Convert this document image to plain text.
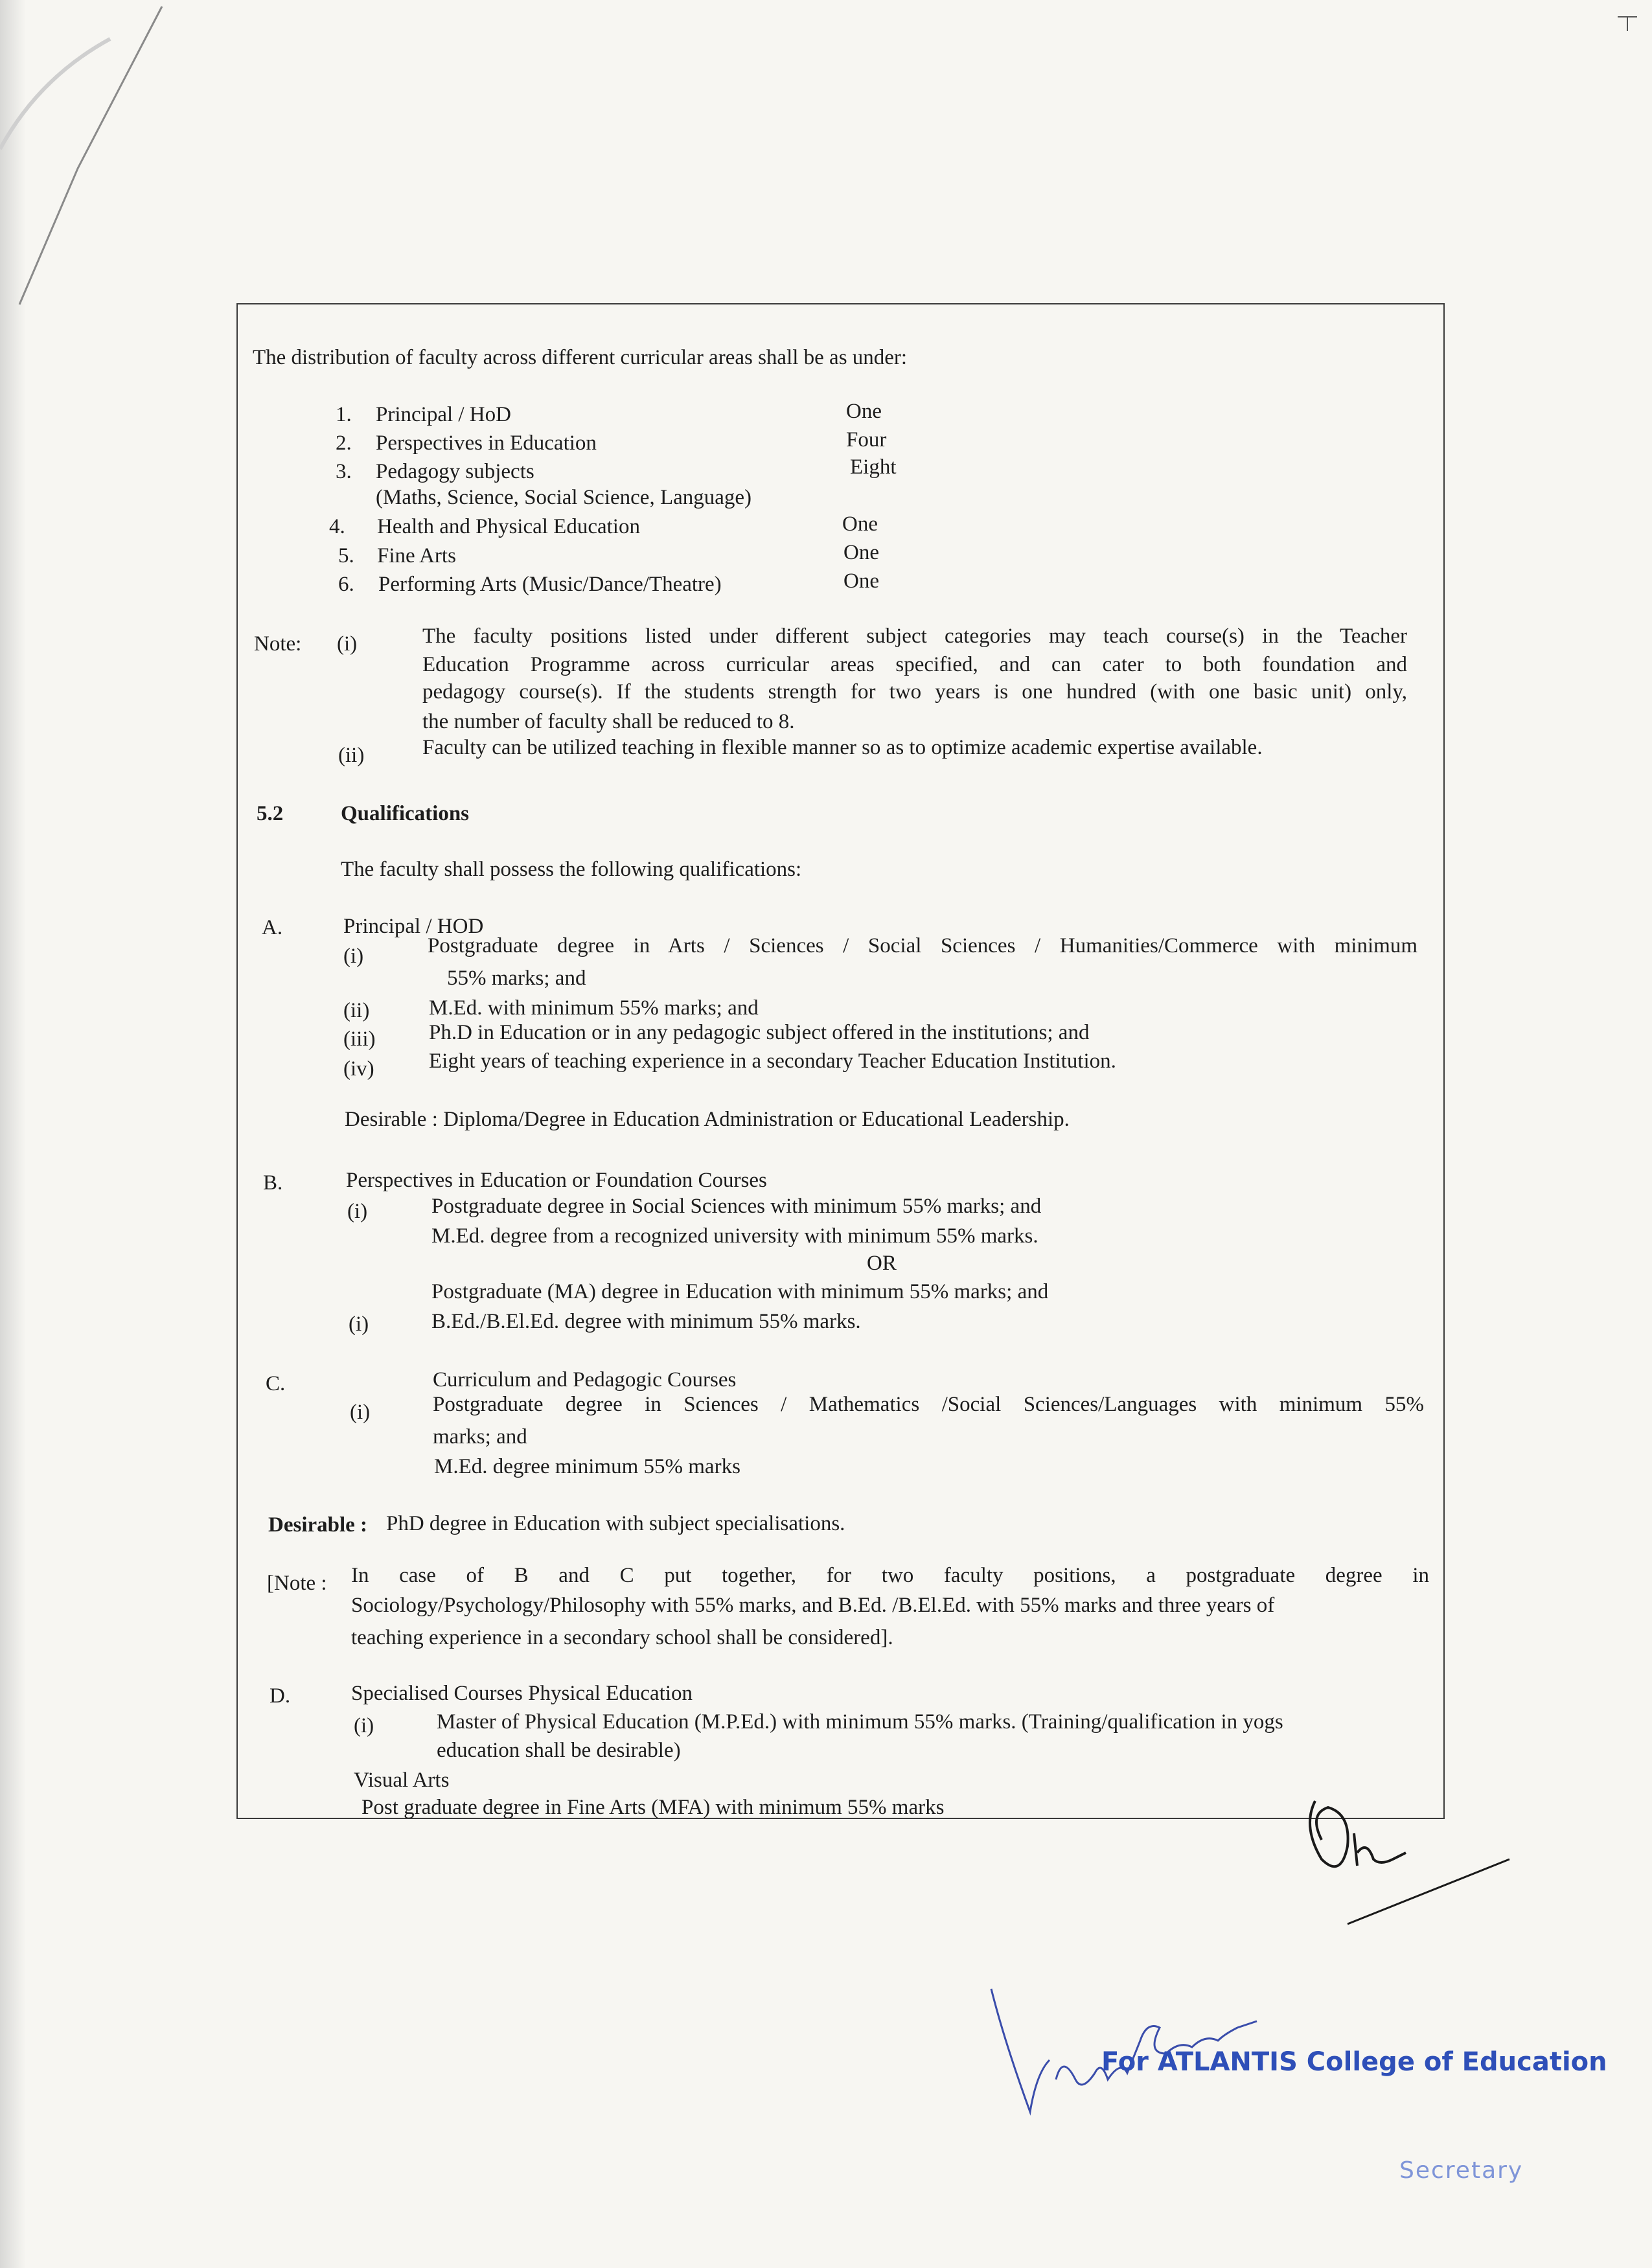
The distribution of faculty across different curricular areas shall be as under:
1. Principal / HoD	One
2. Perspectives in Education	Four
3. Pedagogy subjects	Eight
(Maths, Science, Social Science, Language)
4. Health and Physical Education	One
5. Fine Arts	One
6. Performing Arts (Music/Dance/Theatre)	One
Note: (i)	The faculty positions listed under different subject categories may teach course(s) in the Teacher
Education Programme across curricular areas specified, and can cater to both foundation and
pedagogy course(s). If the students strength for two years is one hundred (with one basic unit) only,
the number of faculty shall be reduced to 8.
(ii)	Faculty can be utilized teaching in flexible manner so as to optimize academic expertise available.
5.2	Qualifications
The faculty shall possess the following qualifications:
A.	Principal / HOD
(i)	Postgraduate degree in Arts / Sciences / Social Sciences / Humanities/Commerce with minimum
55% marks; and
(ii)	M.Ed. with minimum 55% marks; and
(iii)	Ph.D in Education or in any pedagogic subject offered in the institutions; and
(iv)	Eight years of teaching experience in a secondary Teacher Education Institution.
Desirable : Diploma/Degree in Education Administration or Educational Leadership.
B.	Perspectives in Education or Foundation Courses
(i)	Postgraduate degree in Social Sciences with minimum 55% marks; and
M.Ed. degree from a recognized university with minimum 55% marks.
OR
Postgraduate (MA) degree in Education with minimum 55% marks; and
(i)	B.Ed./B.El.Ed. degree with minimum 55% marks.
C.	Curriculum and Pedagogic Courses
(i)	Postgraduate degree in Sciences / Mathematics /Social Sciences/Languages with minimum 55%
marks; and
M.Ed. degree minimum 55% marks
Desirable : PhD degree in Education with subject specialisations.
[Note : In case of B and C put together, for two faculty positions, a postgraduate degree in
Sociology/Psychology/Philosophy with 55% marks, and B.Ed. /B.El.Ed. with 55% marks and three years of
teaching experience in a secondary school shall be considered].
D.	Specialised Courses Physical Education
(i)	Master of Physical Education (M.P.Ed.) with minimum 55% marks. (Training/qualification in yogs
education shall be desirable)
Visual Arts
Post graduate degree in Fine Arts (MFA) with minimum 55% marks
For ATLANTIS College of Education
Secretary
